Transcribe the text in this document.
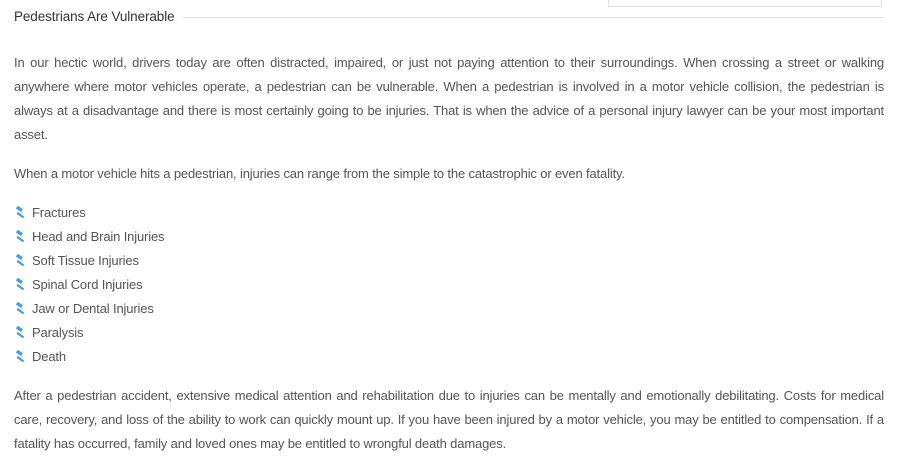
Pedestrians Are Vulnerable

In our hectic world, drivers today are often distracted, impaired, or just not paying attention to their surroundings. When crossing a street or walking anywhere where motor vehicles operate, a pedestrian can be vulnerable. When a pedestrian is involved in a motor vehicle collision, the pedestrian is always at a disadvantage and there is most certainly going to be injuries. That is when the advice of a personal injury lawyer can be your most important asset.

When a motor vehicle hits a pedestrian, injuries can range from the simple to the catastrophic or even fatality.

Fractures
Head and Brain Injuries
Soft Tissue Injuries
Spinal Cord Injuries
Jaw or Dental Injuries
Paralysis
Death

After a pedestrian accident, extensive medical attention and rehabilitation due to injuries can be mentally and emotionally debilitating. Costs for medical care, recovery, and loss of the ability to work can quickly mount up. If you have been injured by a motor vehicle, you may be entitled to compensation. If a fatality has occurred, family and loved ones may be entitled to wrongful death damages.
